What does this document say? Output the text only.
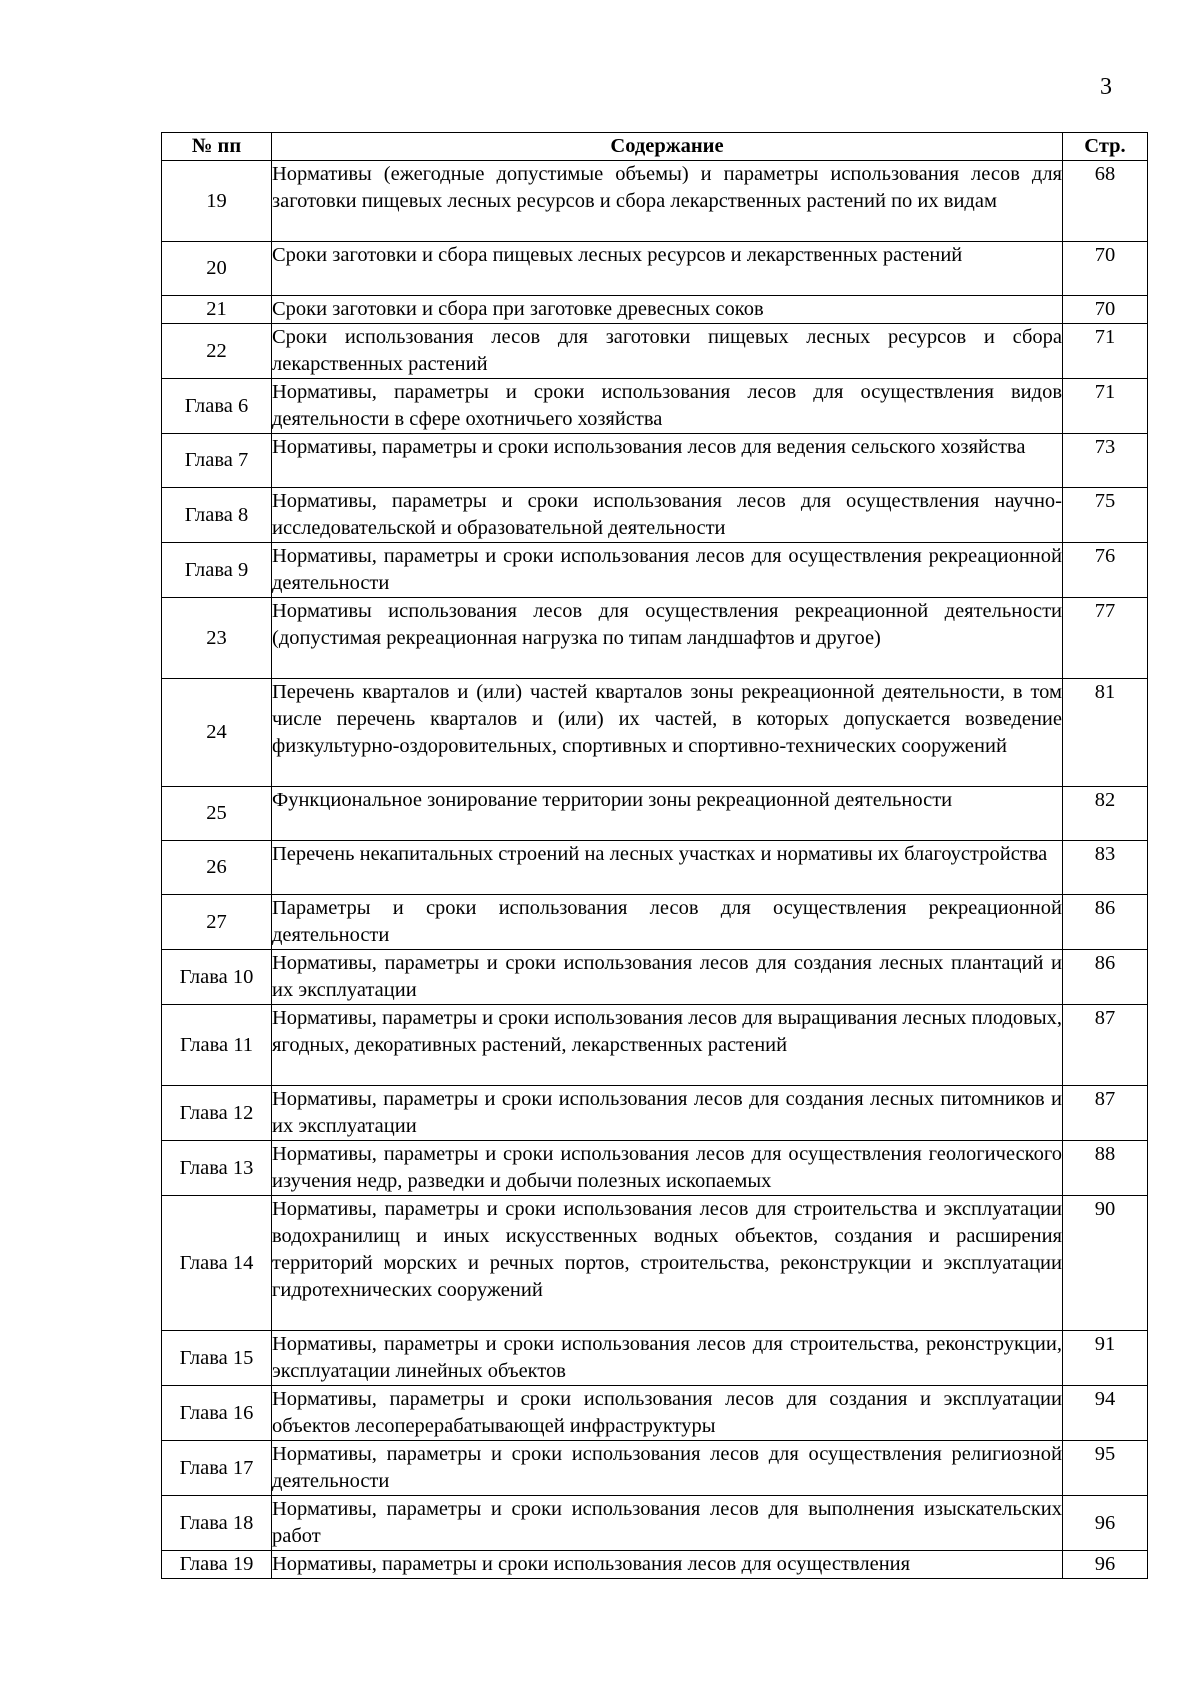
3
№ пп	Содержание	Стр.
19	Нормативы (ежегодные допустимые объемы) и параметры использования лесов для заготовки пищевых лесных ресурсов и сбора лекарственных растений по их видам	68
20	Сроки заготовки и сбора пищевых лесных ресурсов и лекарственных растений	70
21	Сроки заготовки и сбора при заготовке древесных соков	70
22	Сроки использования лесов для заготовки пищевых лесных ресурсов и сбора лекарственных растений	71
Глава 6	Нормативы, параметры и сроки использования лесов для осуществления видов деятельности в сфере охотничьего хозяйства	71
Глава 7	Нормативы, параметры и сроки использования лесов для ведения сельского хозяйства	73
Глава 8	Нормативы, параметры и сроки использования лесов для осуществления научно-исследовательской и образовательной деятельности	75
Глава 9	Нормативы, параметры и сроки использования лесов для осуществления рекреационной деятельности	76
23	Нормативы использования лесов для осуществления рекреационной деятельности (допустимая рекреационная нагрузка по типам ландшафтов и другое)	77
24	Перечень кварталов и (или) частей кварталов зоны рекреационной деятельности, в том числе перечень кварталов и (или) их частей, в которых допускается возведение физкультурно-оздоровительных, спортивных и спортивно-технических сооружений	81
25	Функциональное зонирование территории зоны рекреационной деятельности	82
26	Перечень некапитальных строений на лесных участках и нормативы их благоустройства	83
27	Параметры и сроки использования лесов для осуществления рекреационной деятельности	86
Глава 10	Нормативы, параметры и сроки использования лесов для создания лесных плантаций и их эксплуатации	86
Глава 11	Нормативы, параметры и сроки использования лесов для выращивания лесных плодовых, ягодных, декоративных растений, лекарственных растений	87
Глава 12	Нормативы, параметры и сроки использования лесов для создания лесных питомников и их эксплуатации	87
Глава 13	Нормативы, параметры и сроки использования лесов для осуществления геологического изучения недр, разведки и добычи полезных ископаемых	88
Глава 14	Нормативы, параметры и сроки использования лесов для строительства и эксплуатации водохранилищ и иных искусственных водных объектов, создания и расширения территорий морских и речных портов, строительства, реконструкции и эксплуатации гидротехнических сооружений	90
Глава 15	Нормативы, параметры и сроки использования лесов для строительства, реконструкции, эксплуатации линейных объектов	91
Глава 16	Нормативы, параметры и сроки использования лесов для создания и эксплуатации объектов лесоперерабатывающей инфраструктуры	94
Глава 17	Нормативы, параметры и сроки использования лесов для осуществления религиозной деятельности	95
Глава 18	Нормативы, параметры и сроки использования лесов для выполнения изыскательских работ	96
Глава 19	Нормативы, параметры и сроки использования лесов для осуществления	96
